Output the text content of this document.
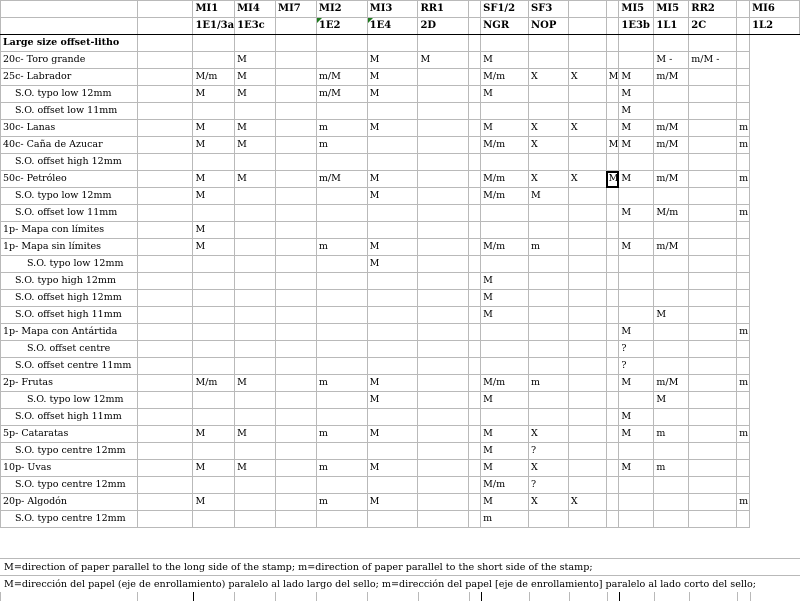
		MI1	MI4	MI7	MI2	MI3	RR1		SF1/2	SF3			MI5	MI5	RR2		MI6
		1E1/3a	1E3c		1E2	1E4	2D		NGR	NOP			1E3b	1L1	2C		1L2
Large size offset-litho																	
20c- Toro grande			M			M	M		M					M -	m/M -		
25c- Labrador		M/m	M		m/M	M			M/m	X	X	M	M	m/M			
S.O. typo low 12mm		M	M		m/M	M			M				M				
S.O. offset low 11mm													M				
30c- Lanas		M	M		m	M			M	X	X		M	m/M		m	
40c- Caña de Azucar		M	M		m				M/m	X		M	M	m/M		m	
S.O. offset high 12mm																	
50c- Petróleo		M	M		m/M	M			M/m	X	X	M	M	m/M		m	
S.O. typo low 12mm		M				M			M/m	M							
S.O. offset low 11mm													M	M/m		m	
1p- Mapa con límites		M															
1p- Mapa sin límites		M			m	M			M/m	m			M	m/M			
S.O. typo low 12mm						M											
S.O. typo high 12mm									M								
S.O. offset high 12mm									M								
S.O. offset high 11mm									M					M			
1p- Mapa con Antártida													M			m	
S.O. offset centre													?				
S.O. offset centre 11mm													?				
2p- Frutas		M/m	M		m	M			M/m	m			M	m/M		m	
S.O. typo low 12mm						M			M					M			
S.O. offset high 11mm													M				
5p- Cataratas		M	M		m	M			M	X			M	m		m	
S.O. typo centre 12mm									M	?							
10p- Uvas		M	M		m	M			M	X			M	m			
S.O. typo centre 12mm									M/m	?							
20p- Algodón		M			m	M			M	X	X					m	
S.O. typo centre 12mm									m								
M=direction of paper parallel to the long side of the stamp; m=direction of paper parallel to the short side of the stamp;
M=dirección del papel (eje de enrollamiento) paralelo al lado largo del sello; m=dirección del papel [eje de enrollamiento] paralelo al lado corto del sello;
